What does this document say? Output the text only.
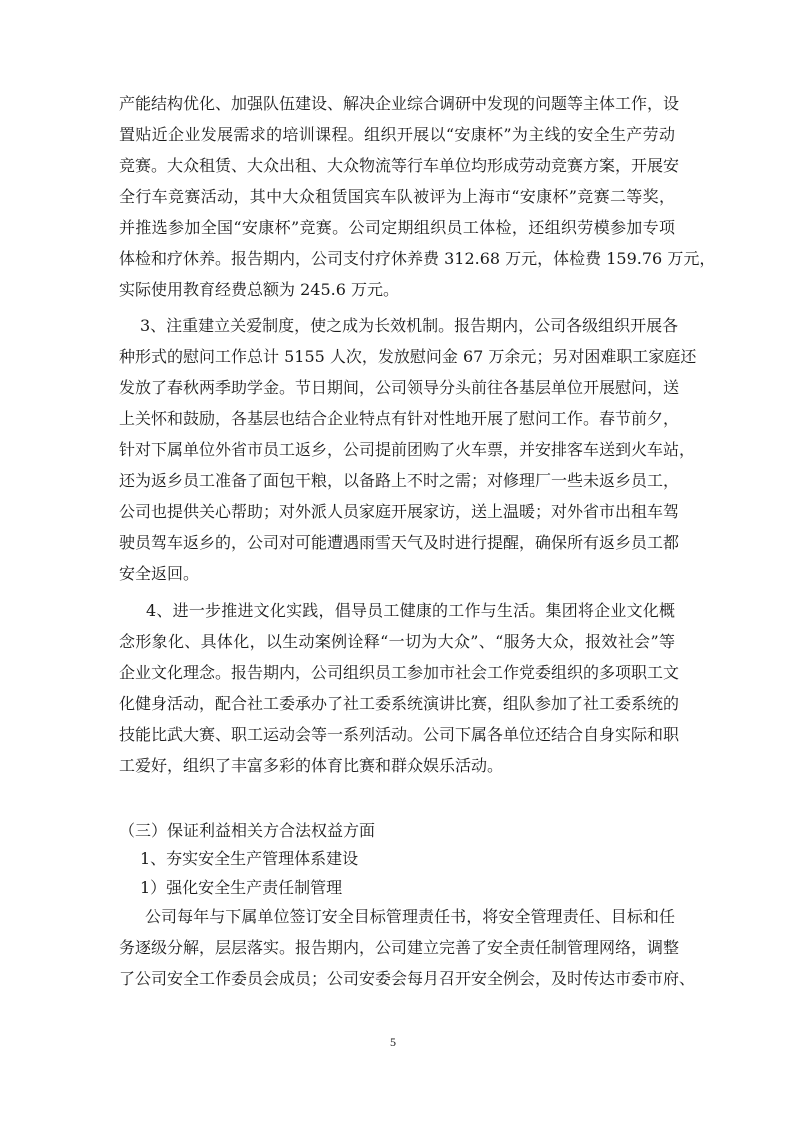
产能结构优化、加强队伍建设、解决企业综合调研中发现的问题等主体工作，设
置贴近企业发展需求的培训课程。组织开展以“安康杯”为主线的安全生产劳动
竞赛。大众租赁、大众出租、大众物流等行车单位均形成劳动竞赛方案，开展安
全行车竞赛活动，其中大众租赁国宾车队被评为上海市“安康杯”竞赛二等奖，
并推选参加全国“安康杯”竞赛。公司定期组织员工体检，还组织劳模参加专项
体检和疗休养。报告期内，公司支付疗休养费 312.68 万元，体检费 159.76 万元，
实际使用教育经费总额为 245.6 万元。
3、注重建立关爱制度，使之成为长效机制。报告期内，公司各级组织开展各
种形式的慰问工作总计 5155 人次，发放慰问金 67 万余元；另对困难职工家庭还
发放了春秋两季助学金。节日期间，公司领导分头前往各基层单位开展慰问，送
上关怀和鼓励，各基层也结合企业特点有针对性地开展了慰问工作。春节前夕，
针对下属单位外省市员工返乡，公司提前团购了火车票，并安排客车送到火车站，
还为返乡员工准备了面包干粮，以备路上不时之需；对修理厂一些未返乡员工，
公司也提供关心帮助；对外派人员家庭开展家访，送上温暖；对外省市出租车驾
驶员驾车返乡的，公司对可能遭遇雨雪天气及时进行提醒，确保所有返乡员工都
安全返回。
4、进一步推进文化实践，倡导员工健康的工作与生活。集团将企业文化概
念形象化、具体化，以生动案例诠释“一切为大众”、“服务大众，报效社会”等
企业文化理念。报告期内，公司组织员工参加市社会工作党委组织的多项职工文
化健身活动，配合社工委承办了社工委系统演讲比赛，组队参加了社工委系统的
技能比武大赛、职工运动会等一系列活动。公司下属各单位还结合自身实际和职
工爱好，组织了丰富多彩的体育比赛和群众娱乐活动。
（三）保证利益相关方合法权益方面
1、夯实安全生产管理体系建设
1）强化安全生产责任制管理
公司每年与下属单位签订安全目标管理责任书，将安全管理责任、目标和任
务逐级分解，层层落实。报告期内，公司建立完善了安全责任制管理网络，调整
了公司安全工作委员会成员；公司安委会每月召开安全例会，及时传达市委市府、
5
